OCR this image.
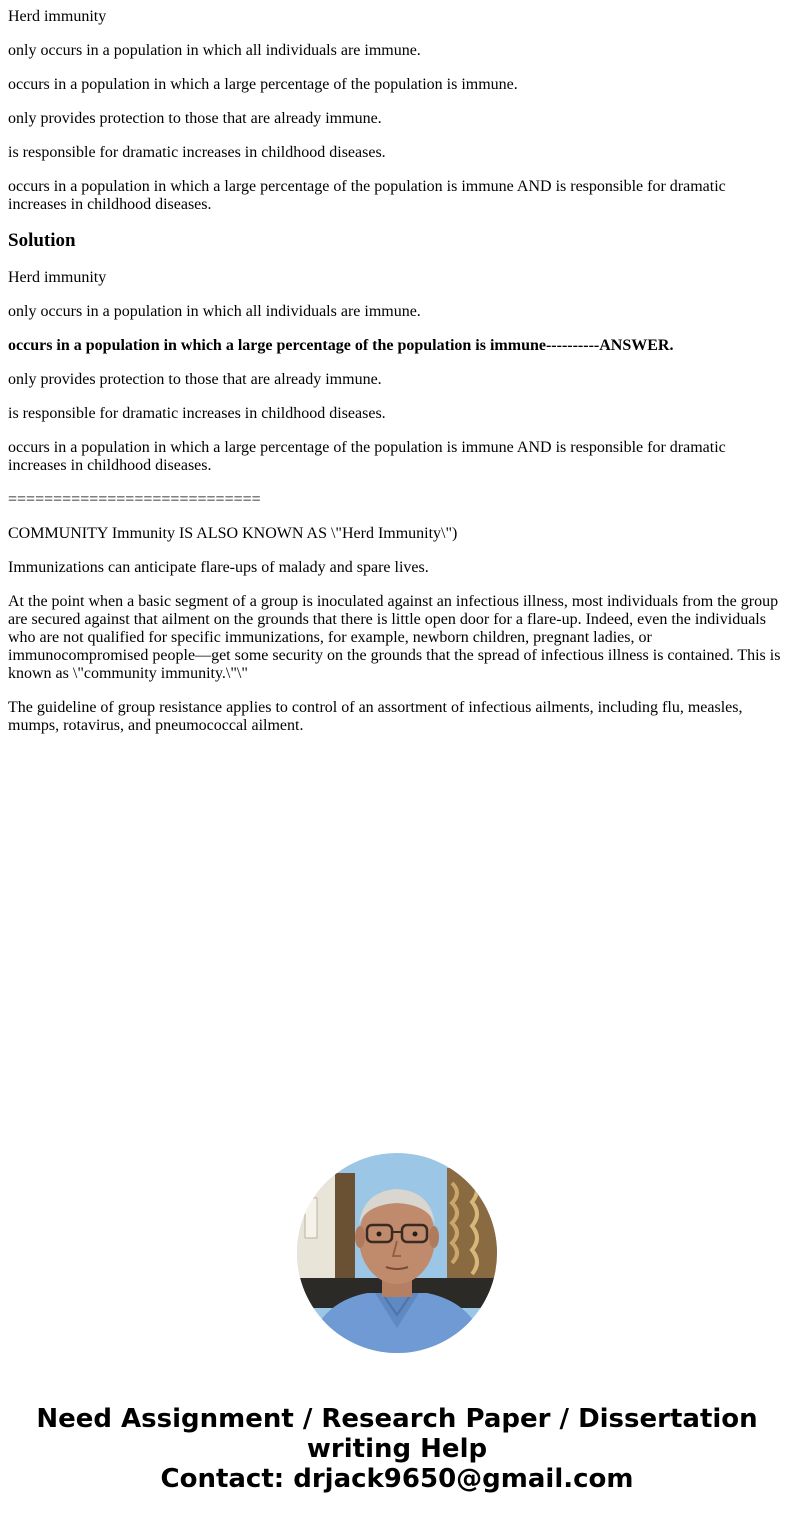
Herd immunity

only occurs in a population in which all individuals are immune.

occurs in a population in which a large percentage of the population is immune.

only provides protection to those that are already immune.

is responsible for dramatic increases in childhood diseases.

occurs in a population in which a large percentage of the population is immune AND is responsible for dramatic increases in childhood diseases.

Solution

Herd immunity

only occurs in a population in which all individuals are immune.

occurs in a population in which a large percentage of the population is immune----------ANSWER.

only provides protection to those that are already immune.

is responsible for dramatic increases in childhood diseases.

occurs in a population in which a large percentage of the population is immune AND is responsible for dramatic increases in childhood diseases.

============================

COMMUNITY Immunity IS ALSO KNOWN AS \"Herd Immunity\")

Immunizations can anticipate flare-ups of malady and spare lives.

At the point when a basic segment of a group is inoculated against an infectious illness, most individuals from the group are secured against that ailment on the grounds that there is little open door for a flare-up. Indeed, even the individuals who are not qualified for specific immunizations, for example, newborn children, pregnant ladies, or immunocompromised people—get some security on the grounds that the spread of infectious illness is contained. This is known as \"community immunity.\"\"

The guideline of group resistance applies to control of an assortment of infectious ailments, including flu, measles, mumps, rotavirus, and pneumococcal ailment.

Need Assignment / Research Paper / Dissertation
writing Help
Contact: drjack9650@gmail.com
